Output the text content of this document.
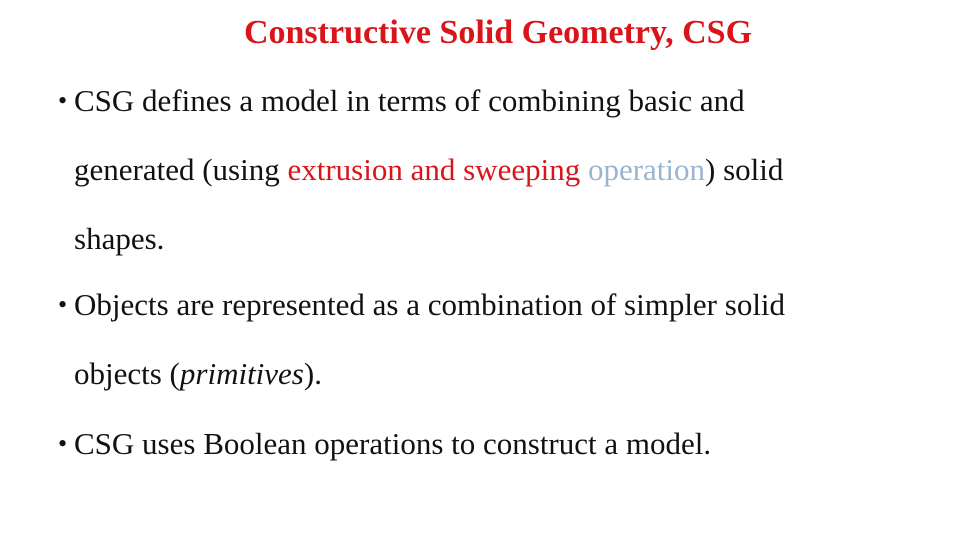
Constructive Solid Geometry, CSG
• CSG defines a model in terms of combining basic and
generated (using extrusion and sweeping operation) solid
shapes.
• Objects are represented as a combination of simpler solid
objects (primitives).
• CSG uses Boolean operations to construct a model.
